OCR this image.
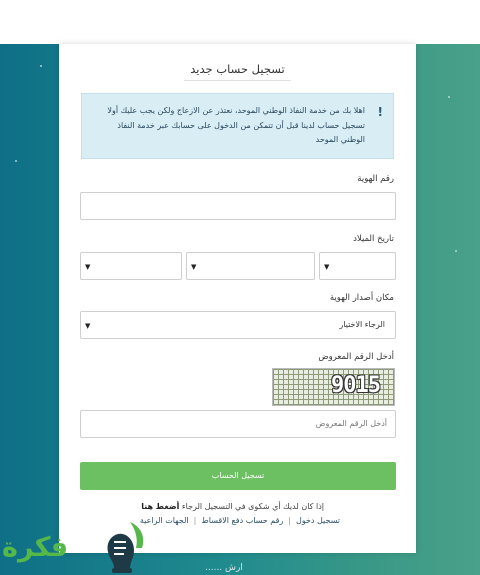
تسجيل حساب جديد
!
اهلا بك من خدمة النفاذ الوطني الموحد، نعتذر عن الازعاج ولكن يجب عليك أولا تسجيل حساب لدينا قبل أن تتمكن من الدخول على حسابك عبر خدمة النفاذ الوطني الموحد
رقم الهوية
تاريخ الميلاد
▼	▼	▼
مكان أصدار الهوية
▼	الرجاء الاختيار
أدخل الرقم المعروض
9015
أدخل الرقم المعروض
تسجيل الحساب
إذا كان لديك أي شكوى في التسجيل الرجاء أضغط هنا
تسجيل دخول|رقم حساب دفع الاقساط|الجهات الراعية
...... ارش
فكرة
